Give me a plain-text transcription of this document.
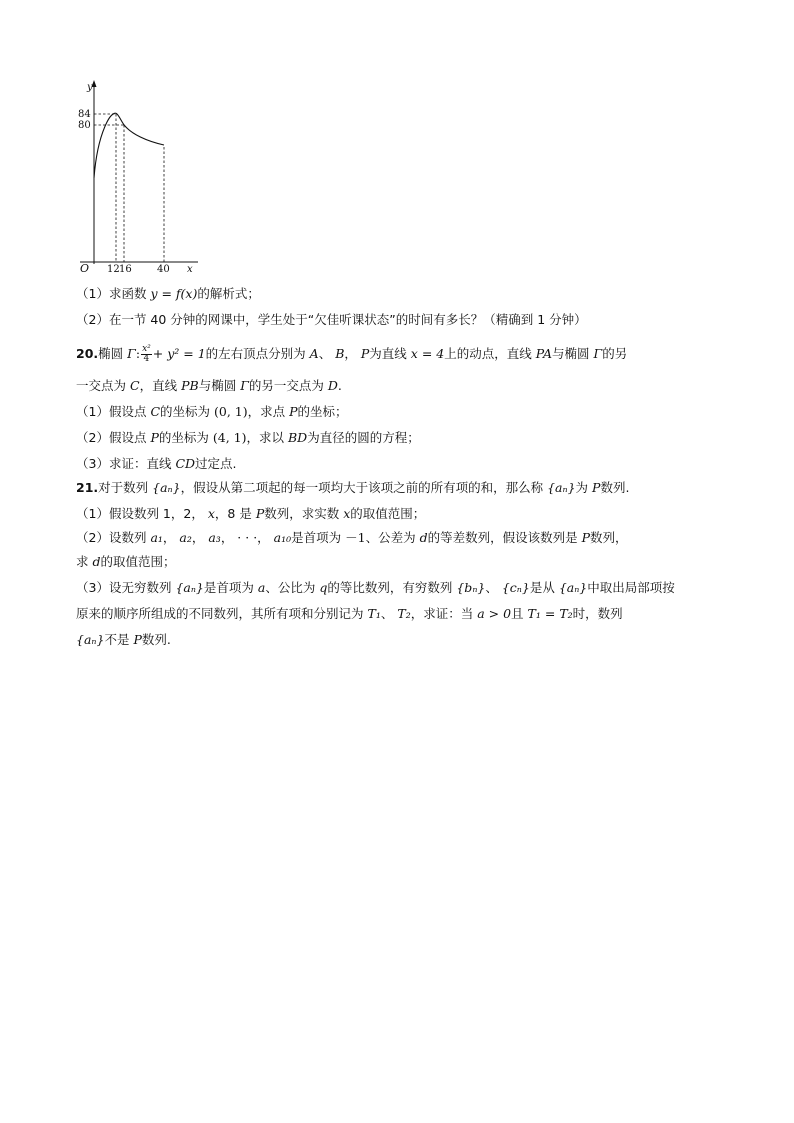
y
O	x
84
80
12 16	40
（1）求函数 y = f(x)的解析式；
（2）在一节 40 分钟的网课中，学生处于“欠佳听课状态”的时间有多长？（精确到 1 分钟）
20.椭圆 Γ: $\frac{\text{x²}}{4} + y^2 = 1$的左右顶点分别为 A、 B， P为直线 x = 4上的动点，直线 PA与椭圆 Γ的另
一交点为 C，直线 PB与椭圆 Γ的另一交点为 D.
（1）假设点 C的坐标为 (0, 1)，求点 P的坐标；
（2）假设点 P的坐标为 (4, 1)，求以 BD为直径的圆的方程；
（3）求证：直线 CD过定点.
21.对于数列 {aₙ}，假设从第二项起的每一项均大于该项之前的所有项的和，那么称 {aₙ}为 P数列.
（1）假设数列 1，2， x，8 是 P数列，求实数 x的取值范围；
（2）设数列 a₁， a₂， a₃， · · ·， a₁₀是首项为 －1、公差为 d的等差数列，假设该数列是 P数列，
求 d的取值范围；
（3）设无穷数列 {aₙ}是首项为 a、公比为 q的等比数列，有穷数列 {bₙ}、 {cₙ}是从 {aₙ}中取出局部项按
原来的顺序所组成的不同数列，其所有项和分别记为 T₁、 T₂，求证：当 a > 0且 T₁ = T₂时，数列
{aₙ}不是 P数列.
